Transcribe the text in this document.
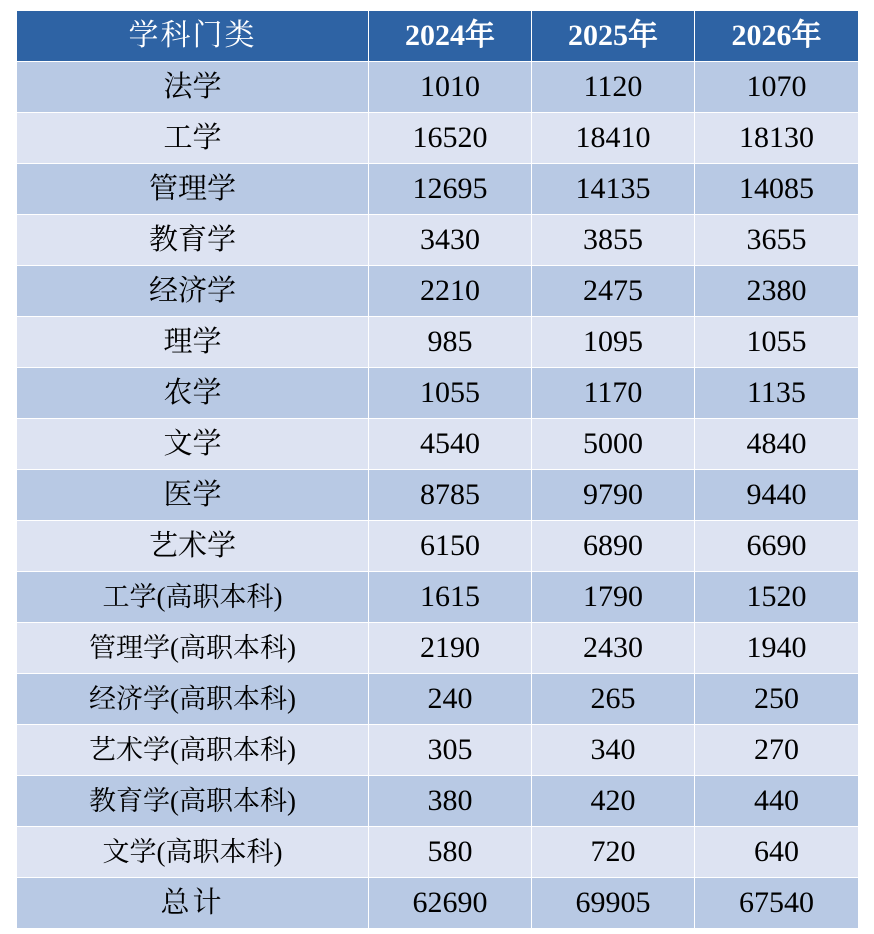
学科门类	2024年	2025年	2026年
法学	1010	1120	1070
工学	16520	18410	18130
管理学	12695	14135	14085
教育学	3430	3855	3655
经济学	2210	2475	2380
理学	985	1095	1055
农学	1055	1170	1135
文学	4540	5000	4840
医学	8785	9790	9440
艺术学	6150	6890	6690
工学(高职本科)	1615	1790	1520
管理学(高职本科)	2190	2430	1940
经济学(高职本科)	240	265	250
艺术学(高职本科)	305	340	270
教育学(高职本科)	380	420	440
文学(高职本科)	580	720	640
总计	62690	69905	67540
